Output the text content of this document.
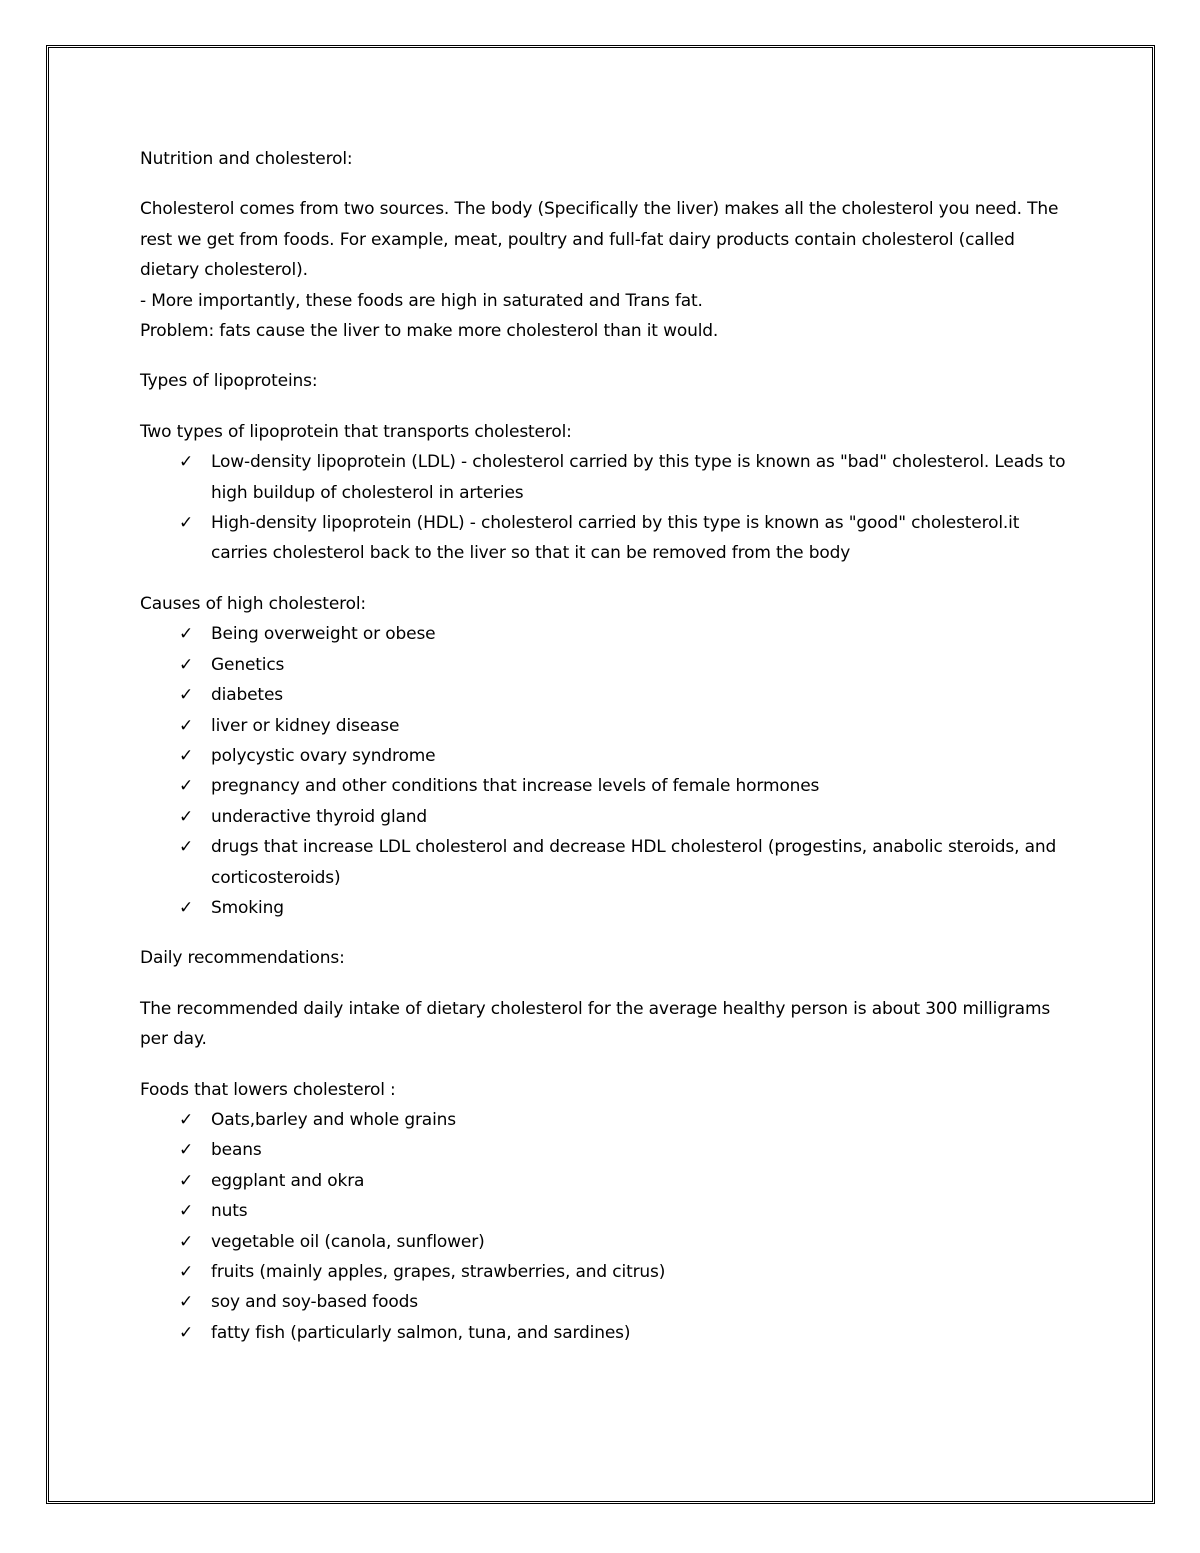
Nutrition and cholesterol:

Cholesterol comes from two sources. The body (Specifically the liver) makes all the cholesterol you need. The rest we get from foods. For example, meat, poultry and full-fat dairy products contain cholesterol (called dietary cholesterol).

- More importantly, these foods are high in saturated and Trans fat.

Problem: fats cause the liver to make more cholesterol than it would.

Types of lipoproteins:

Two types of lipoprotein that transports cholesterol:

✓ Low-density lipoprotein (LDL) - cholesterol carried by this type is known as "bad" cholesterol. Leads to high buildup of cholesterol in arteries
✓ High-density lipoprotein (HDL) - cholesterol carried by this type is known as "good" cholesterol.it carries cholesterol back to the liver so that it can be removed from the body

Causes of high cholesterol:

✓ Being overweight or obese
✓ Genetics
✓ diabetes
✓ liver or kidney disease
✓ polycystic ovary syndrome
✓ pregnancy and other conditions that increase levels of female hormones
✓ underactive thyroid gland
✓ drugs that increase LDL cholesterol and decrease HDL cholesterol (progestins, anabolic steroids, and corticosteroids)
✓ Smoking

Daily recommendations:

The recommended daily intake of dietary cholesterol for the average healthy person is about 300 milligrams per day.

Foods that lowers cholesterol :

✓ Oats,barley and whole grains
✓ beans
✓ eggplant and okra
✓ nuts
✓ vegetable oil (canola, sunflower)
✓ fruits (mainly apples, grapes, strawberries, and citrus)
✓ soy and soy-based foods
✓ fatty fish (particularly salmon, tuna, and sardines)
